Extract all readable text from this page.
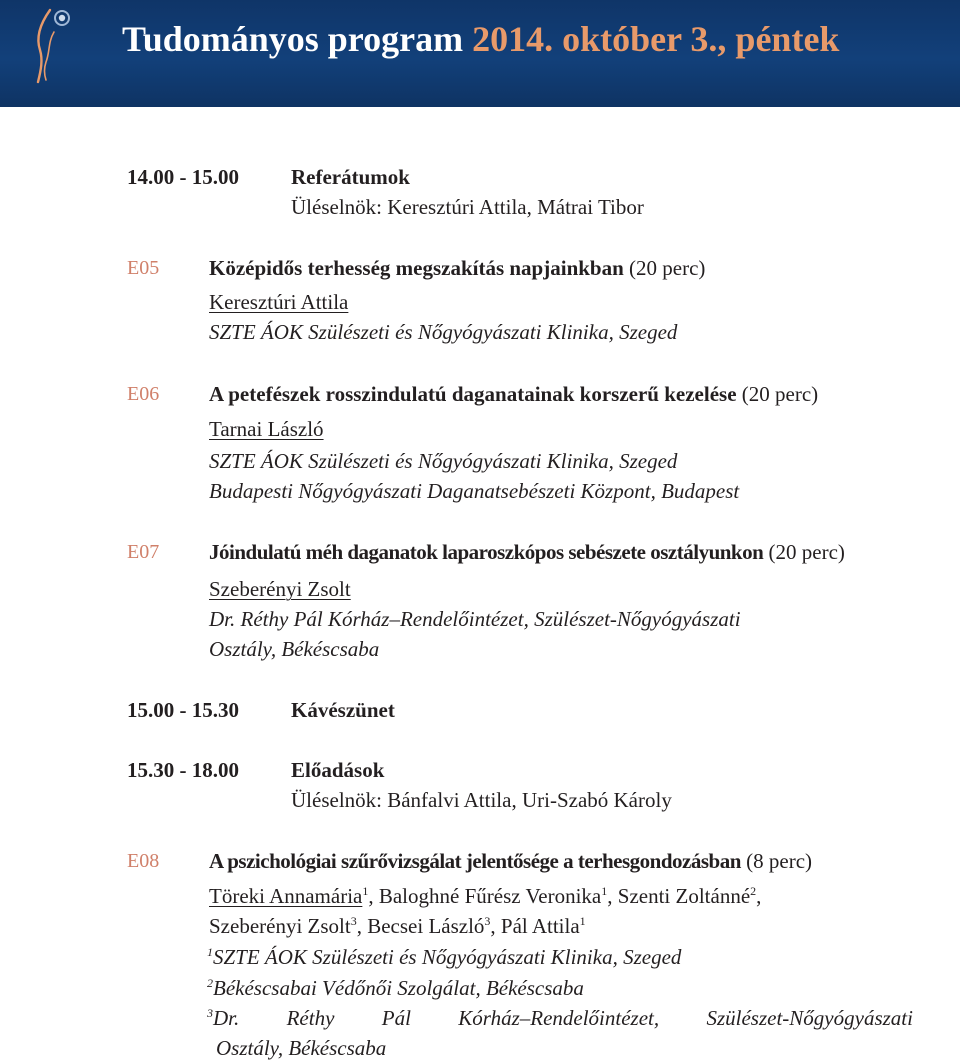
Tudományos program 2014. október 3., péntek
14.00 - 15.00 Referátumok
Üléselnök: Keresztúri Attila, Mátrai Tibor
E05 Középidős terhesség megszakítás napjainkban (20 perc)
Keresztúri Attila
SZTE ÁOK Szülészeti és Nőgyógyászati Klinika, Szeged
E06 A petefészek rosszindulatú daganatainak korszerű kezelése (20 perc)
Tarnai László
SZTE ÁOK Szülészeti és Nőgyógyászati Klinika, Szeged
Budapesti Nőgyógyászati Daganatsebészeti Központ, Budapest
E07 Jóindulatú méh daganatok laparoszkópos sebészete osztályunkon (20 perc)
Szeberényi Zsolt
Dr. Réthy Pál Kórház–Rendelőintézet, Szülészet-Nőgyógyászati
Osztály, Békéscsaba
15.00 - 15.30 Kávészünet
15.30 - 18.00 Előadások
Üléselnök: Bánfalvi Attila, Uri-Szabó Károly
E08 A pszichológiai szűrővizsgálat jelentősége a terhesgondozásban (8 perc)
Töreki Annamária$^1$, Baloghné Fűrész Veronika$^1$, Szenti Zoltánné$^2$,
Szeberényi Zsolt$^3$, Becsei László$^3$, Pál Attila$^1$
$^1$SZTE ÁOK Szülészeti és Nőgyógyászati Klinika, Szeged
$^2$Békéscsabai Védőnői Szolgálat, Békéscsaba
$^3$Dr. Réthy Pál Kórház–Rendelőintézet, Szülészet-Nőgyógyászati
Osztály, Békéscsaba
